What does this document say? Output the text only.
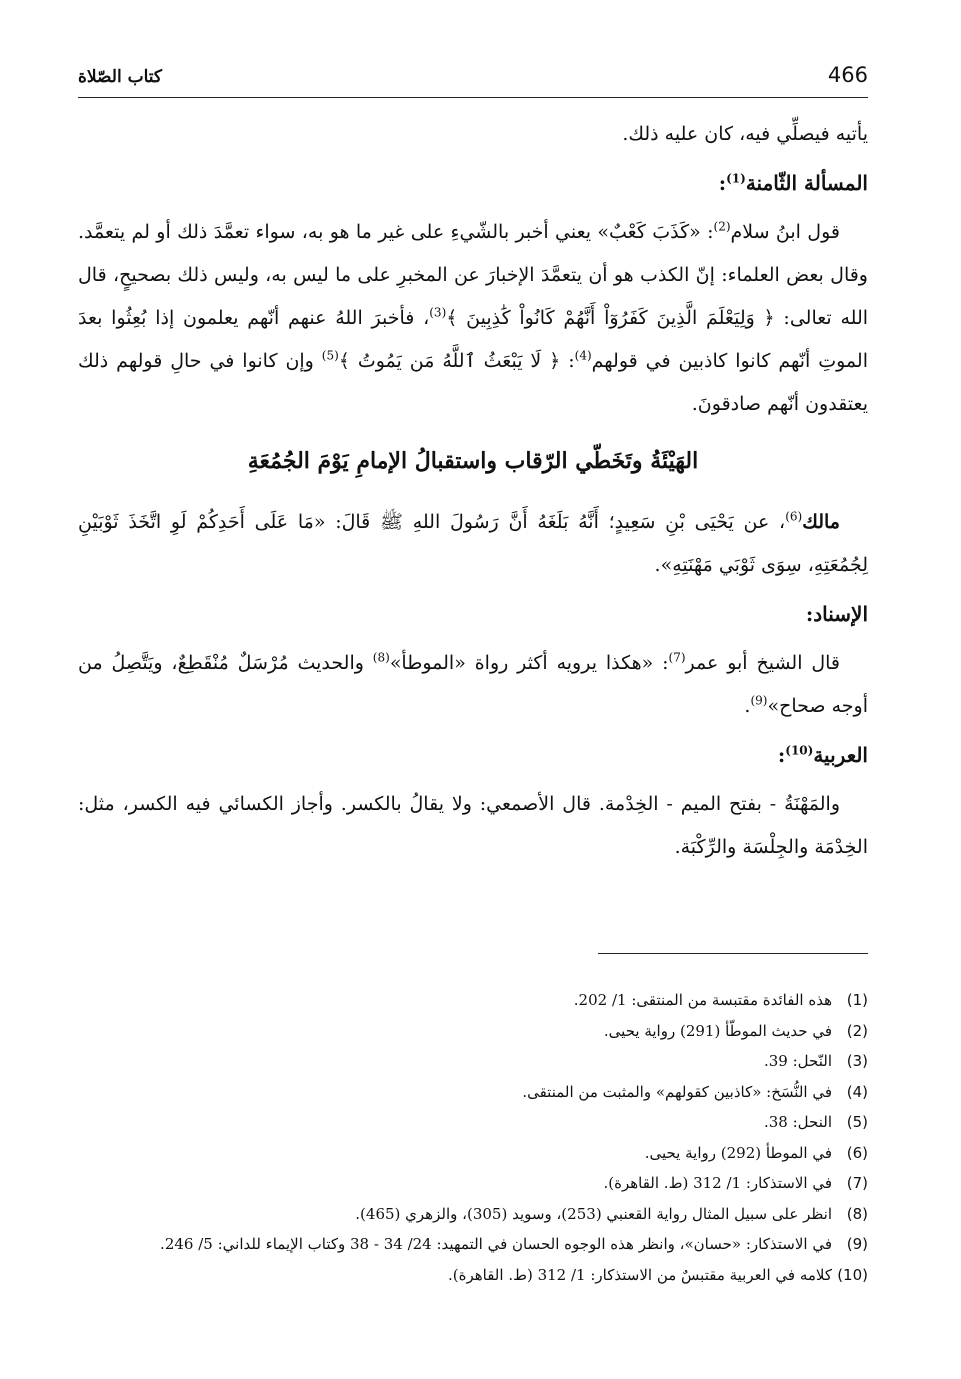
466
كتاب الصّلاة

يأتيه فيصلِّي فيه، كان عليه ذلك.

المسألة الثّامنة$^{(1)}$:

قول ابنُ سلام$^{(2)}$: «كَذَبَ كَعْبٌ» يعني أخبر بالشّيءِ على غير ما هو به، سواء تعمَّدَ ذلك أو لم يتعمَّد. وقال بعض العلماء: إنّ الكذب هو أن يتعمَّدَ الإخبارَ عن المخبرِ على ما ليس به، وليس ذلك بصحيحٍ، قال الله تعالى: ﴿ وَلِيَعْلَمَ الَّذِينَ كَفَرُوٓاْ أَنَّهُمْ كَانُواْ كَٰذِبِينَ ﴾$^{(3)}$، فأخبرَ اللهُ عنهم أنّهم يعلمون إذا بُعِثُوا بعدَ الموتِ أنّهم كانوا كاذبين في قولهم$^{(4)}$: ﴿ لَا يَبْعَثُ ٱللَّهُ مَن يَمُوتُ ﴾$^{(5)}$ وإن كانوا في حالِ قولهم ذلك يعتقدون أنّهم صادقونَ.

الهَيْئَةُ وتَخَطّي الرّقاب واستقبالُ الإمامِ يَوْمَ الجُمُعَةِ

مالك$^{(6)}$، عن يَحْيَى بْنِ سَعِيدٍ؛ أَنَّهُ بَلَغَهُ أَنَّ رَسُولَ اللهِ ﷺ قَالَ: «مَا عَلَى أَحَدِكُمْ لَوِ اتَّخَذَ ثَوْبَيْنِ لِجُمُعَتِهِ، سِوَى ثَوْبَي مَهْنَتِهِ».

الإسناد:

قال الشيخ أبو عمر$^{(7)}$: «هكذا يرويه أكثر رواة «الموطأ»$^{(8)}$ والحديث مُرْسَلٌ مُنْقَطِعٌ، ويَتَّصِلُ من أوجه صحاح»$^{(9)}$.

العربية$^{(10)}$:

والمَهْنَةُ - بفتح الميم - الخِدْمة. قال الأصمعي: ولا يقالُ بالكسر. وأجاز الكسائي فيه الكسر، مثل: الخِدْمَة والجِلْسَة والرِّكْبَة.

(1)
هذه الفائدة مقتبسة من المنتقى: 1/ 202.
(2)
في حديث الموطّأ (291) رواية يحيى.
(3)
النّحل: 39.
(4)
في النُّسَخ: «كاذبين كقولهم» والمثبت من المنتقى.
(5)
النحل: 38.
(6)
في الموطأ (292) رواية يحيى.
(7)
في الاستذكار: 1/ 312 (ط. القاهرة).
(8)
انظر على سبيل المثال رواية القعنبي (253)، وسويد (305)، والزهري (465).
(9)
في الاستذكار: «حسان»، وانظر هذه الوجوه الحسان في التمهيد: 24/ 34 - 38 وكتاب الإيماء للداني: 5/ 246.
(10)
كلامه في العربية مقتبسٌ من الاستذكار: 1/ 312 (ط. القاهرة).
